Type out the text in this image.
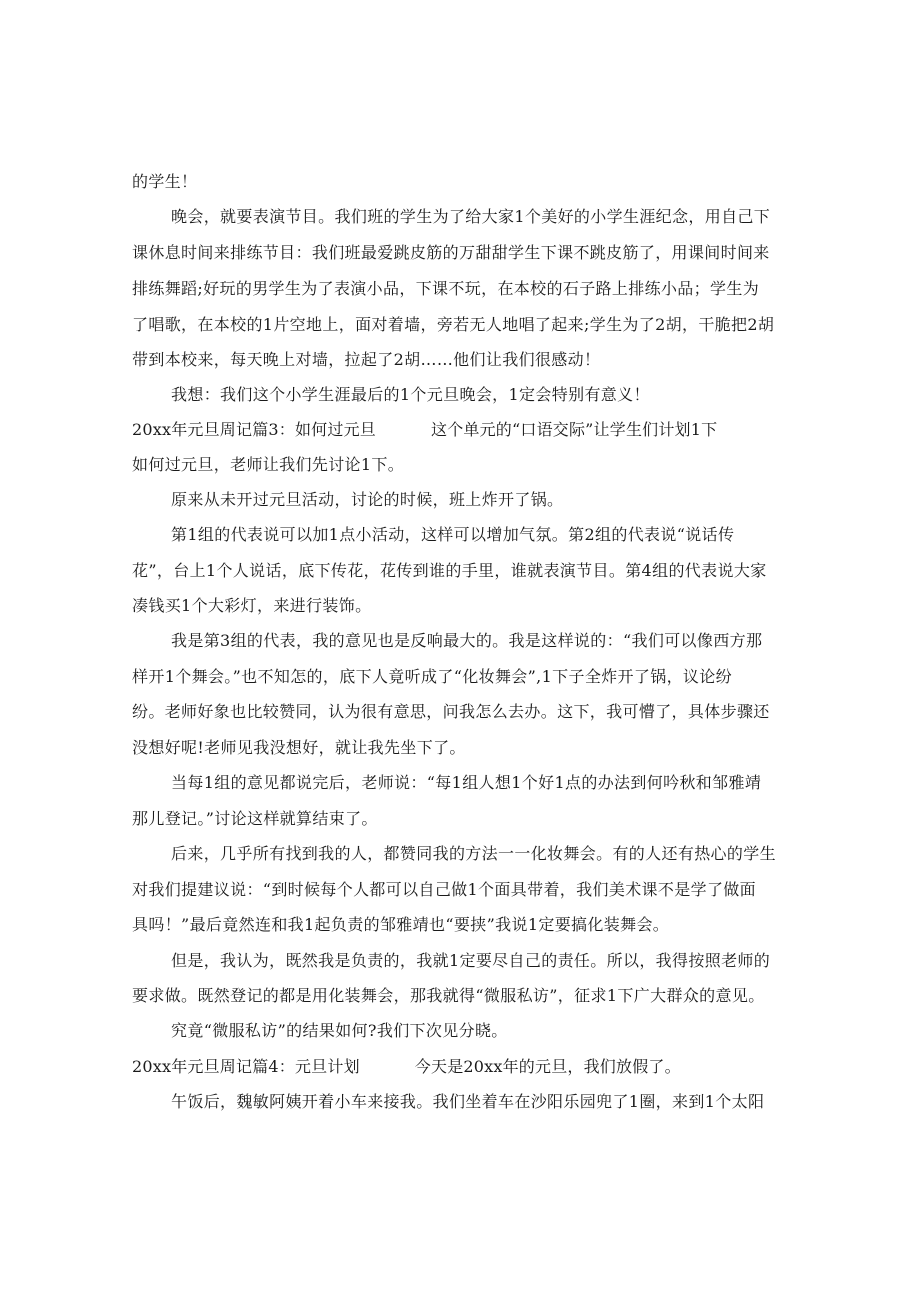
的学生！
晚会，就要表演节目。我们班的学生为了给大家1个美好的小学生涯纪念，用自己下
课休息时间来排练节目：我们班最爱跳皮筋的万甜甜学生下课不跳皮筋了，用课间时间来
排练舞蹈;好玩的男学生为了表演小品，下课不玩，在本校的石子路上排练小品；学生为
了唱歌，在本校的1片空地上，面对着墙，旁若无人地唱了起来;学生为了2胡，干脆把2胡
带到本校来，每天晚上对墙，拉起了2胡……他们让我们很感动！
我想：我们这个小学生涯最后的1个元旦晚会，1定会特别有意义！
20xx年元旦周记篇3：如何过元旦	这个单元的“口语交际”让学生们计划1下
如何过元旦，老师让我们先讨论1下。
原来从未开过元旦活动，讨论的时候，班上炸开了锅。
第1组的代表说可以加1点小活动，这样可以增加气氛。第2组的代表说“说话传
花”，台上1个人说话，底下传花，花传到谁的手里，谁就表演节目。第4组的代表说大家
凑钱买1个大彩灯，来进行装饰。
我是第3组的代表，我的意见也是反响最大的。我是这样说的：“我们可以像西方那
样开1个舞会。”也不知怎的，底下人竟听成了“化妆舞会”,1下子全炸开了锅，议论纷
纷。老师好象也比较赞同，认为很有意思，问我怎么去办。这下，我可懵了，具体步骤还
没想好呢!老师见我没想好，就让我先坐下了。
当每1组的意见都说完后，老师说：“每1组人想1个好1点的办法到何吟秋和邹雅靖
那儿登记。”讨论这样就算结束了。
后来，几乎所有找到我的人，都赞同我的方法一一化妆舞会。有的人还有热心的学生
对我们提建议说：“到时候每个人都可以自己做1个面具带着，我们美术课不是学了做面
具吗！”最后竟然连和我1起负责的邹雅靖也“要挟”我说1定要搞化装舞会。
但是，我认为，既然我是负责的，我就1定要尽自己的责任。所以，我得按照老师的
要求做。既然登记的都是用化装舞会，那我就得“微服私访”，征求1下广大群众的意见。
究竟“微服私访”的结果如何?我们下次见分晓。
20xx年元旦周记篇4：元旦计划	今天是20xx年的元旦，我们放假了。
午饭后，魏敏阿姨开着小车来接我。我们坐着车在沙阳乐园兜了1圈，来到1个太阳
